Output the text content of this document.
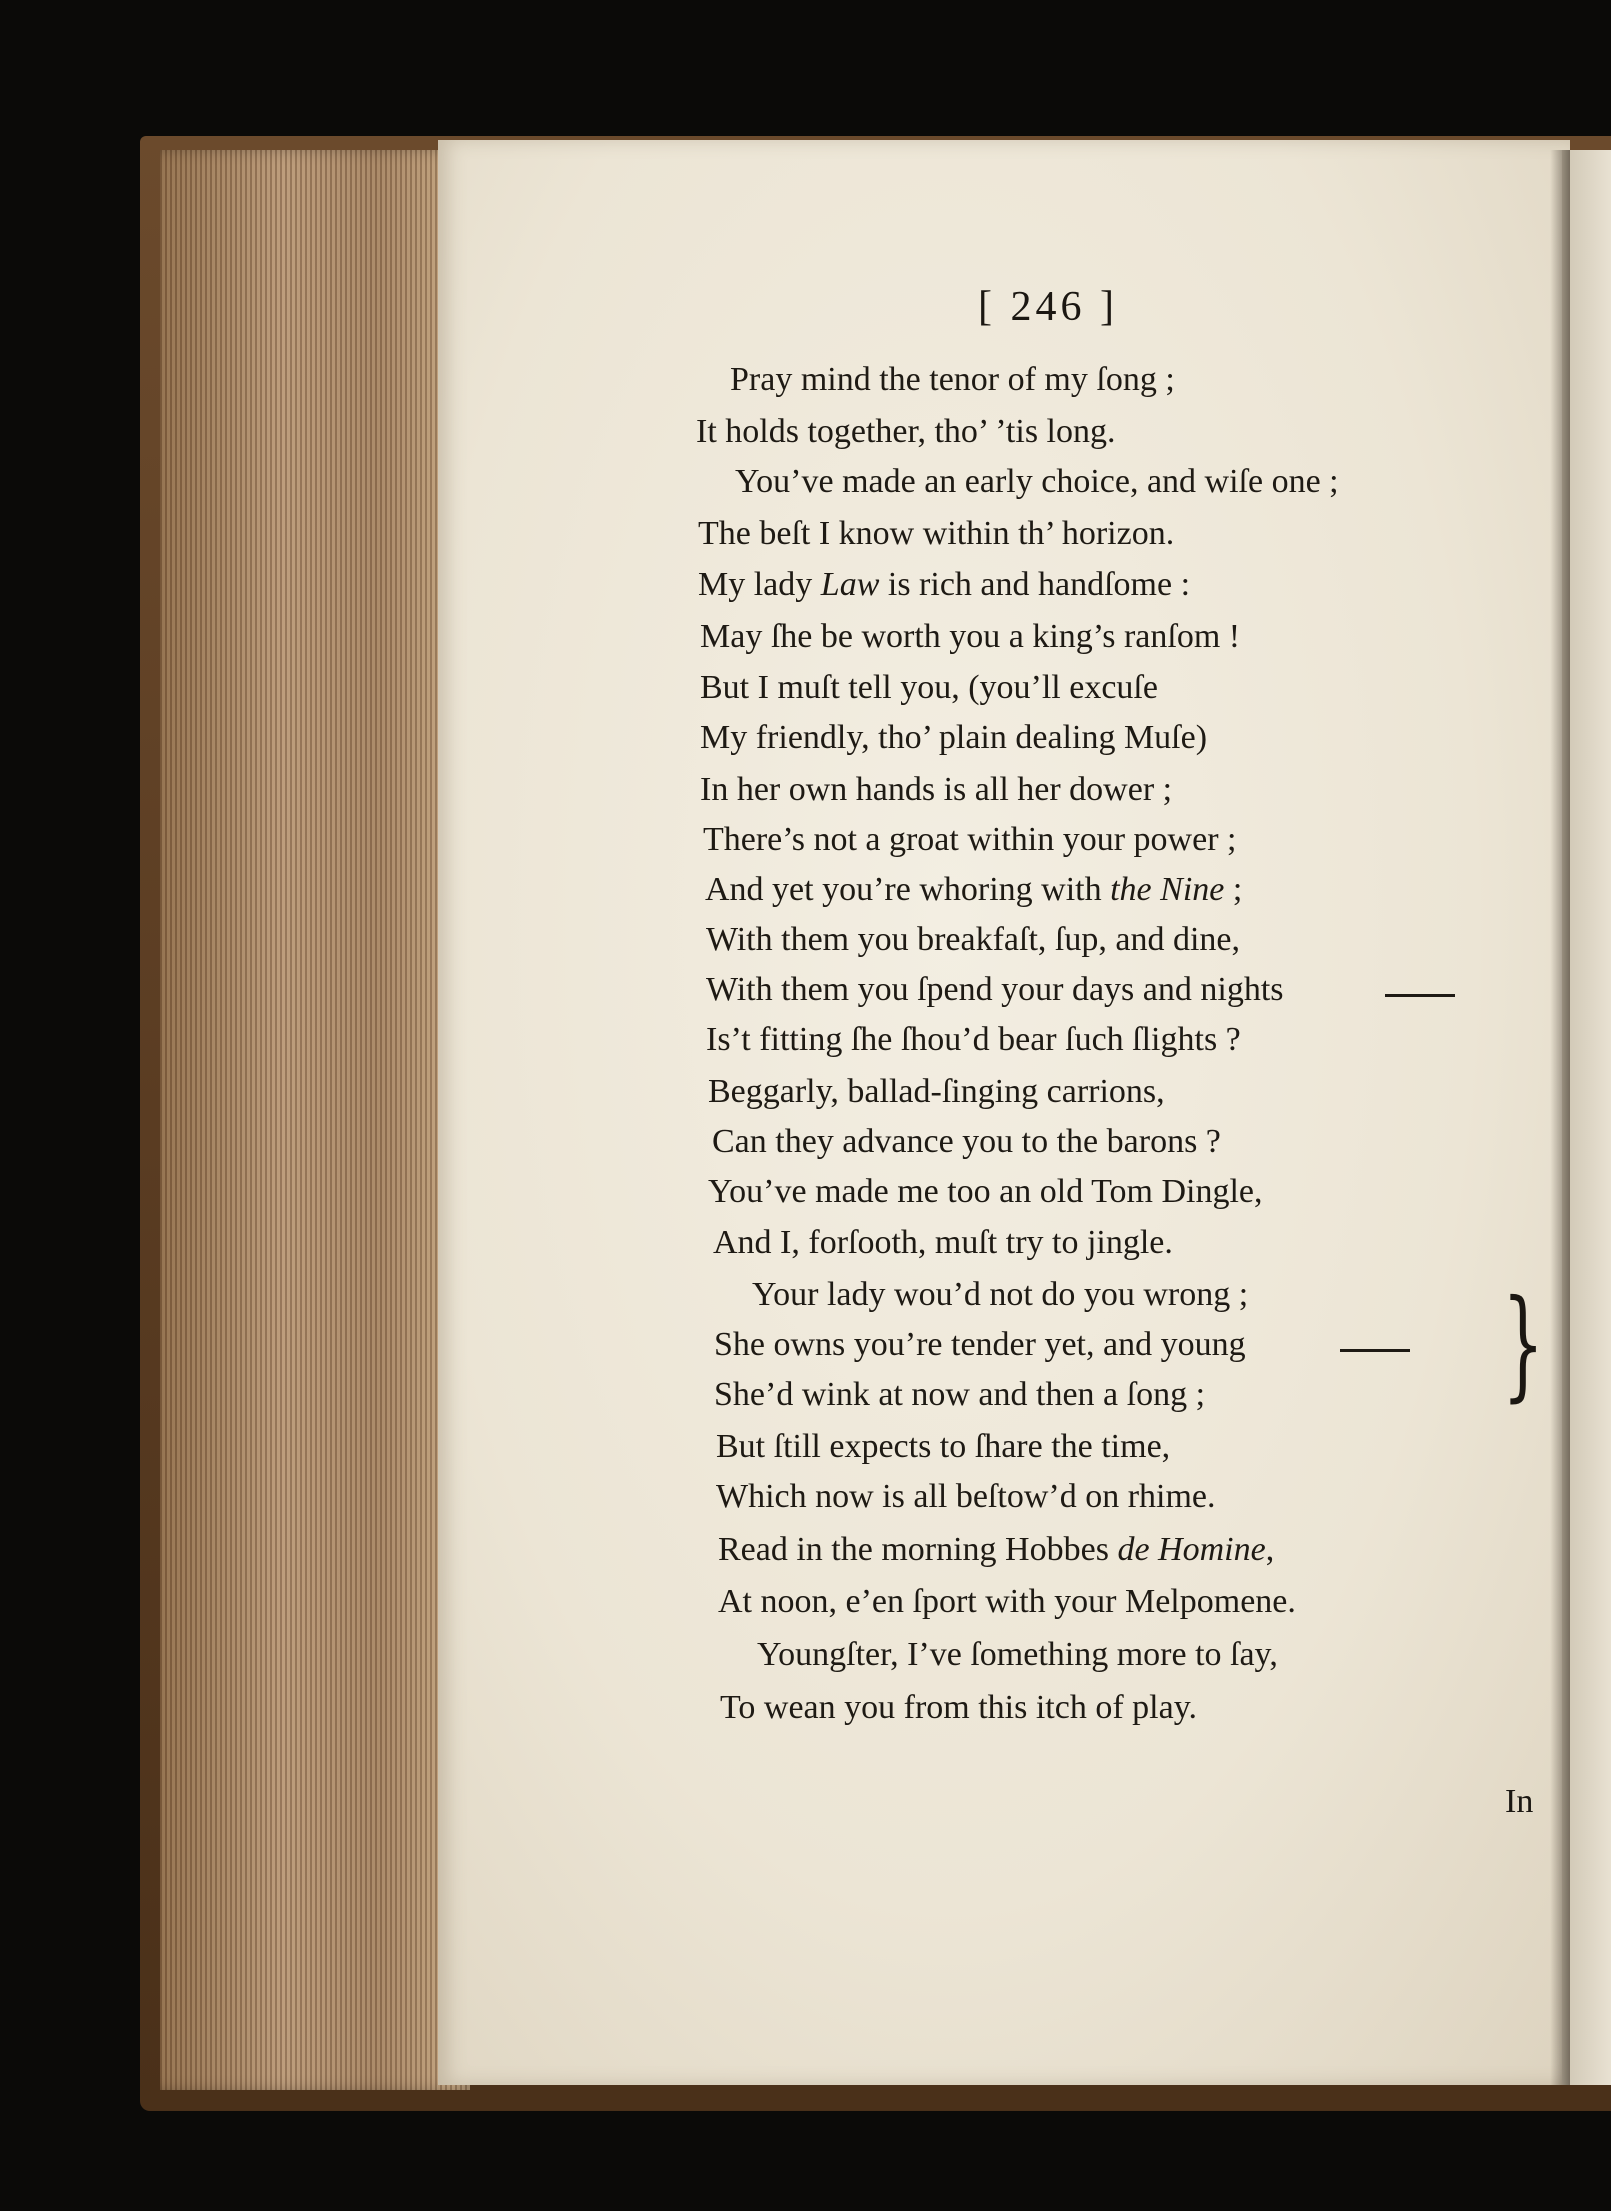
[ 246 ]
Pray mind the tenor of my ſong ;
It holds together, tho’ ’tis long.
You’ve made an early choice, and wiſe one ;
The beſt I know within th’ horizon.
My lady Law is rich and handſome :
May ſhe be worth you a king’s ranſom !
But I muſt tell you, (you’ll excuſe
My friendly, tho’ plain dealing Muſe)
In her own hands is all her dower ;
There’s not a groat within your power ;
And yet you’re whoring with the Nine ;
With them you breakfaſt, ſup, and dine,
With them you ſpend your days and nights
Is’t fitting ſhe ſhou’d bear ſuch ſlights ?
Beggarly, ballad-ſinging carrions,
Can they advance you to the barons ?
You’ve made me too an old Tom Dingle,
And I, forſooth, muſt try to jingle.
Your lady wou’d not do you wrong ;
She owns you’re tender yet, and young
She’d wink at now and then a ſong ;
But ſtill expects to ſhare the time,
Which now is all beſtow’d on rhime.
Read in the morning Hobbes de Homine,
At noon, e’en ſport with your Melpomene.
Youngſter, I’ve ſomething more to ſay,
To wean you from this itch of play.
}
In
